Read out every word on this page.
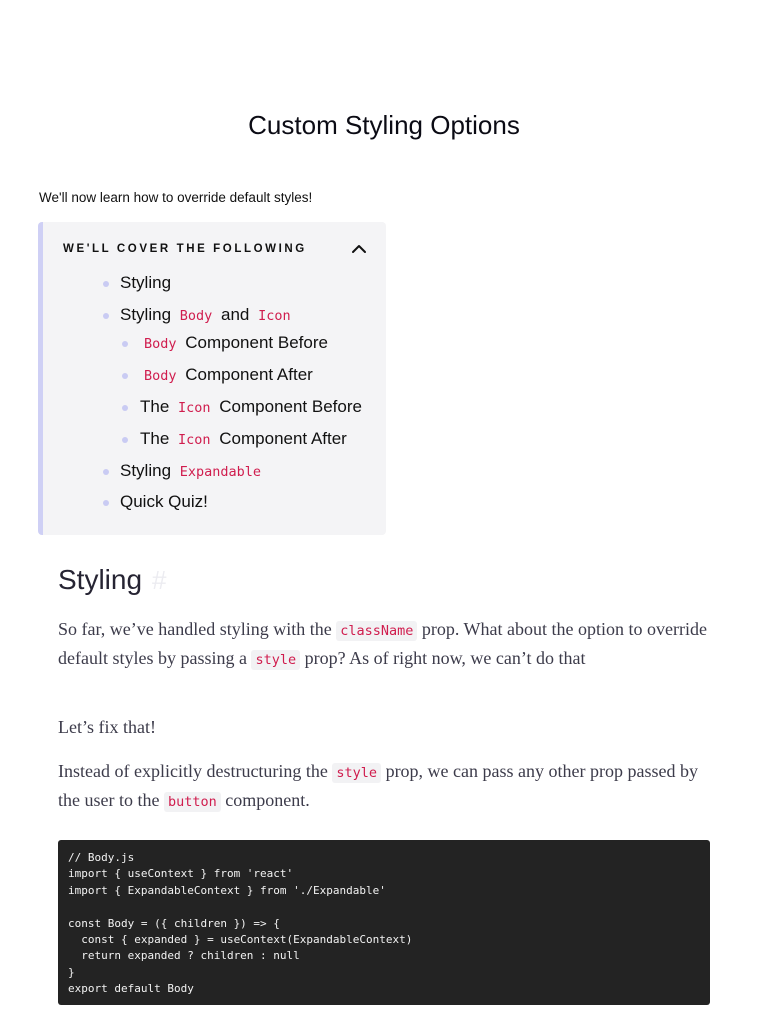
Custom Styling Options
We'll now learn how to override default styles!
WE'LL COVER THE FOLLOWING
Styling
Styling Body and Icon
Body Component Before
Body Component After
The Icon Component Before
The Icon Component After
Styling Expandable
Quick Quiz!
Styling #

So far, we’ve handled styling with the className prop. What about the option to override default styles by passing a style prop? As of right now, we can’t do that

Let’s fix that!

Instead of explicitly destructuring the style prop, we can pass any other prop passed by the user to the button component.

// Body.js
import { useContext } from 'react'
import { ExpandableContext } from './Expandable'
const Body = ({ children }) => {
const { expanded } = useContext(ExpandableContext)
return expanded ? children : null
}
export default Body
